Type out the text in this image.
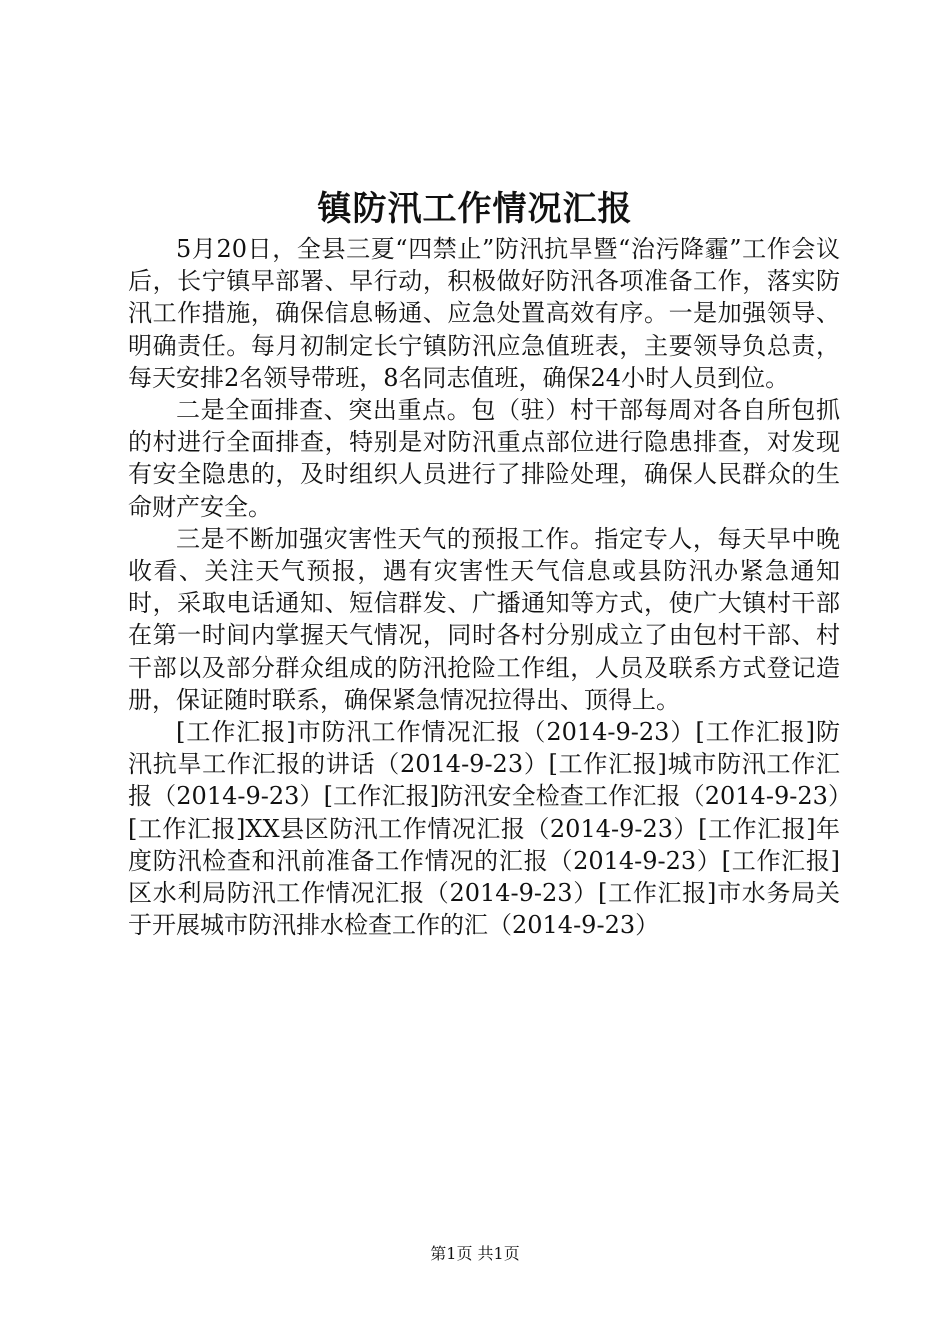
镇防汛工作情况汇报

5月20日，全县三夏“四禁止”防汛抗旱暨“治污降霾”工作会议后，长宁镇早部署、早行动，积极做好防汛各项准备工作，落实防汛工作措施，确保信息畅通、应急处置高效有序。一是加强领导、明确责任。每月初制定长宁镇防汛应急值班表，主要领导负总责，每天安排2名领导带班，8名同志值班，确保24小时人员到位。

二是全面排查、突出重点。包（驻）村干部每周对各自所包抓的村进行全面排查，特别是对防汛重点部位进行隐患排查，对发现有安全隐患的，及时组织人员进行了排险处理，确保人民群众的生命财产安全。

三是不断加强灾害性天气的预报工作。指定专人，每天早中晚收看、关注天气预报，遇有灾害性天气信息或县防汛办紧急通知时，采取电话通知、短信群发、广播通知等方式，使广大镇村干部在第一时间内掌握天气情况，同时各村分别成立了由包村干部、村干部以及部分群众组成的防汛抢险工作组，人员及联系方式登记造册，保证随时联系，确保紧急情况拉得出、顶得上。

[工作汇报]市防汛工作情况汇报（2014-9-23）[工作汇报]防汛抗旱工作汇报的讲话（2014-9-23）[工作汇报]城市防汛工作汇报（2014-9-23）[工作汇报]防汛安全检查工作汇报（2014-9-23）[工作汇报]XX县区防汛工作情况汇报（2014-9-23）[工作汇报]年度防汛检查和汛前准备工作情况的汇报（2014-9-23）[工作汇报]区水利局防汛工作情况汇报（2014-9-23）[工作汇报]市水务局关于开展城市防汛排水检查工作的汇（2014-9-23）

第1页 共1页
